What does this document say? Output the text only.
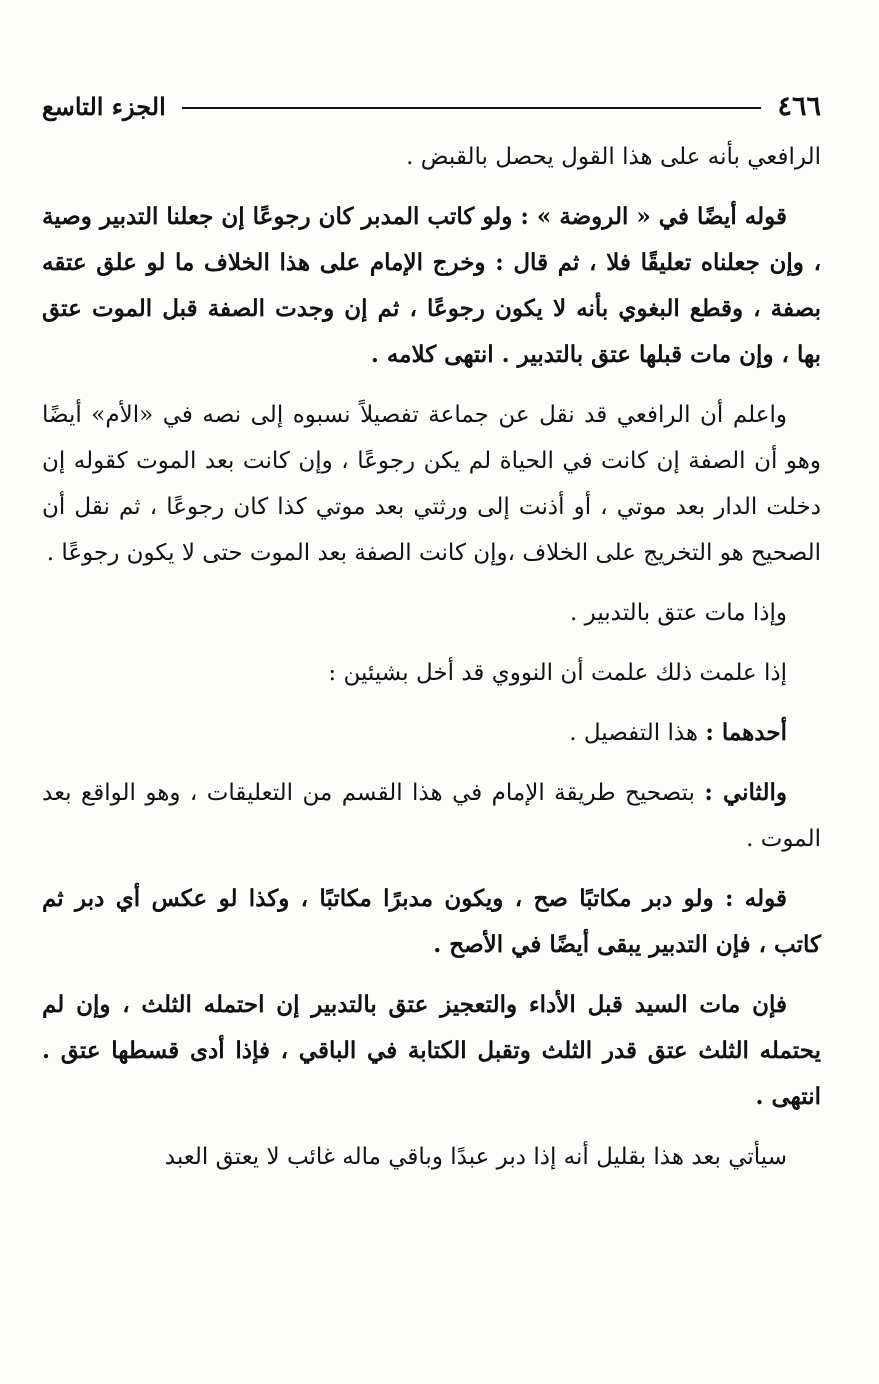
٤٦٦
الجزء التاسع

الرافعي بأنه على هذا القول يحصل بالقبض .

قوله أيضًا في « الروضة » : ولو كاتب المدبر كان رجوعًا إن جعلنا التدبير وصية ، وإن جعلناه تعليقًا فلا ، ثم قال : وخرج الإمام على هذا الخلاف ما لو علق عتقه بصفة ، وقطع البغوي بأنه لا يكون رجوعًا ، ثم إن وجدت الصفة قبل الموت عتق بها ، وإن مات قبلها عتق بالتدبير . انتهى كلامه .

واعلم أن الرافعي قد نقل عن جماعة تفصيلاً نسبوه إلى نصه في «الأم» أيضًا وهو أن الصفة إن كانت في الحياة لم يكن رجوعًا ، وإن كانت بعد الموت كقوله إن دخلت الدار بعد موتي ، أو أذنت إلى ورثتي بعد موتي كذا كان رجوعًا ، ثم نقل أن الصحيح هو التخريج على الخلاف ،وإن كانت الصفة بعد الموت حتى لا يكون رجوعًا .

وإذا مات عتق بالتدبير .

إذا علمت ذلك علمت أن النووي قد أخل بشيئين :

أحدهما : هذا التفصيل .

والثاني : بتصحيح طريقة الإمام في هذا القسم من التعليقات ، وهو الواقع بعد الموت .

قوله : ولو دبر مكاتبًا صح ، ويكون مدبرًا مكاتبًا ، وكذا لو عكس أي دبر ثم كاتب ، فإن التدبير يبقى أيضًا في الأصح .

فإن مات السيد قبل الأداء والتعجيز عتق بالتدبير إن احتمله الثلث ، وإن لم يحتمله الثلث عتق قدر الثلث وتقبل الكتابة في الباقي ، فإذا أدى قسطها عتق . انتهى .

سيأتي بعد هذا بقليل أنه إذا دبر عبدًا وباقي ماله غائب لا يعتق العبد
